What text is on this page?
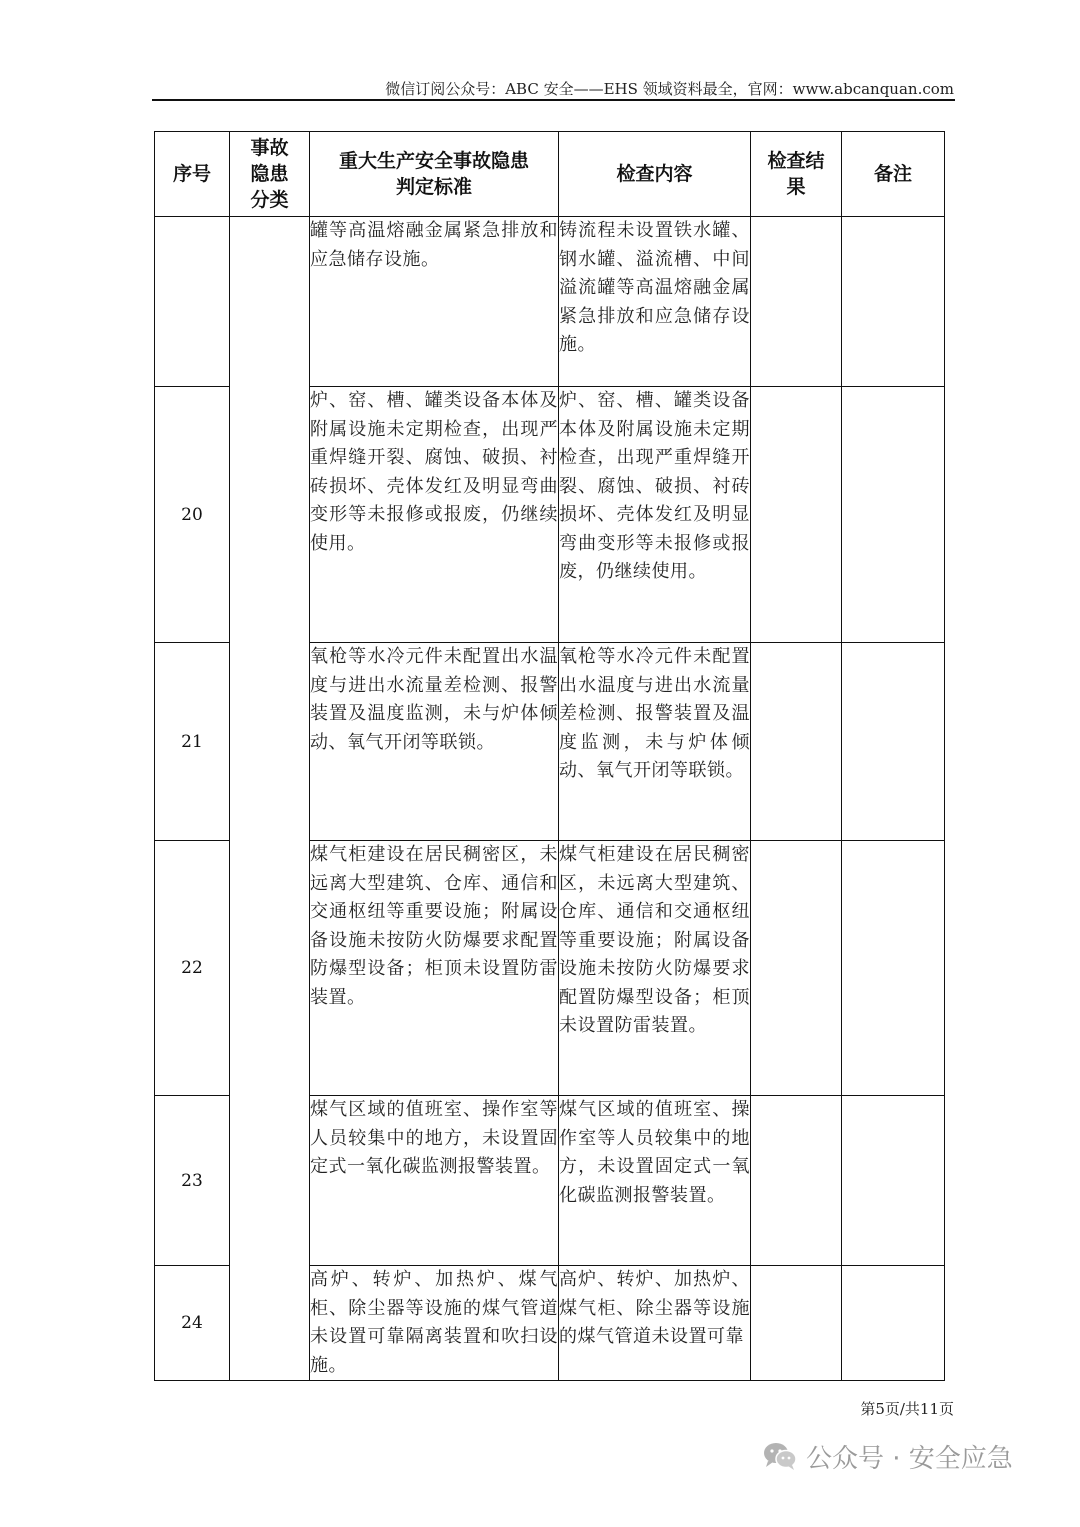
微信订阅公众号：ABC 安全——EHS 领域资料最全，官网：www.abcanquan.com
序号	事故隐患分类	重大生产安全事故隐患判定标准	检查内容	检查结果	备注
		罐等高温熔融金属紧急排放和应急储存设施。	铸流程未设置铁水罐、钢水罐、溢流槽、中间溢流罐等高温熔融金属紧急排放和应急储存设施。		
20		炉、窑、槽、罐类设备本体及附属设施未定期检查，出现严重焊缝开裂、腐蚀、破损、衬砖损坏、壳体发红及明显弯曲变形等未报修或报废，仍继续使用。	炉、窑、槽、罐类设备本体及附属设施未定期检查，出现严重焊缝开裂、腐蚀、破损、衬砖损坏、壳体发红及明显弯曲变形等未报修或报废，仍继续使用。		
21		氧枪等水冷元件未配置出水温度与进出水流量差检测、报警装置及温度监测，未与炉体倾动、氧气开闭等联锁。	氧枪等水冷元件未配置出水温度与进出水流量差检测、报警装置及温度监测，未与炉体倾动、氧气开闭等联锁。		
22		煤气柜建设在居民稠密区，未远离大型建筑、仓库、通信和交通枢纽等重要设施；附属设备设施未按防火防爆要求配置防爆型设备；柜顶未设置防雷装置。	煤气柜建设在居民稠密区，未远离大型建筑、仓库、通信和交通枢纽等重要设施；附属设备设施未按防火防爆要求配置防爆型设备；柜顶未设置防雷装置。		
23		煤气区域的值班室、操作室等人员较集中的地方，未设置固定式一氧化碳监测报警装置。	煤气区域的值班室、操作室等人员较集中的地方，未设置固定式一氧化碳监测报警装置。		
24		高炉、转炉、加热炉、煤气柜、除尘器等设施的煤气管道未设置可靠隔离装置和吹扫设施。	高炉、转炉、加热炉、煤气柜、除尘器等设施的煤气管道未设置可靠		
第5页/共11页
公众号 · 安全应急
